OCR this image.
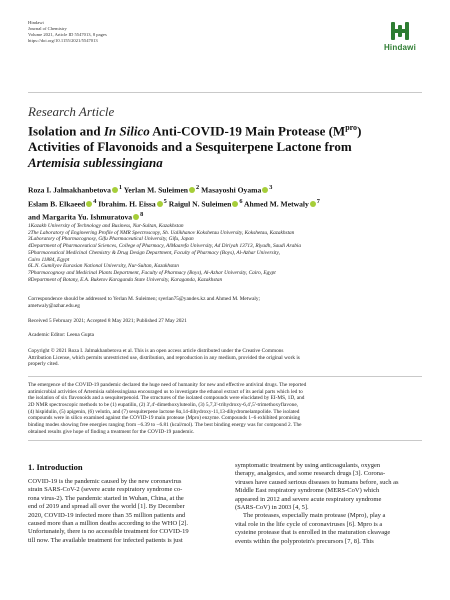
Hindawi
Journal of Chemistry
Volume 2021, Article ID 5547013, 8 pages
https://doi.org/10.1155/2021/5547013
Hindawi
Research Article
Isolation and In Silico Anti-COVID-19 Main Protease $(M^{pro})$
Activities of Flavonoids and a Sesquiterpene Lactone from
Artemisia sublessingiana
Roza I. Jalmakhanbetova $^1$ Yerlan M. Suleimen $^2$ Masayoshi Oyama $^3$
Eslam B. Elkaeed $^4$ Ibrahim. H. Eissa $^5$ Raigul N. Suleimen $^6$ Ahmed M. Metwaly $^7$
and Margarita Yu. Ishmuratova $^8$
1Kazakh University of Technology and Business, Nur-Sultan, Kazakhstan
2The Laboratory of Engineering Profile of NMR Spectroscopy, Sh. Ualikhanov Kokshetau University, Kokshetau, Kazakhstan
3Laboratory of Pharmacognosy, Gifu Pharmaceutical University, Gifu, Japan
4Department of Pharmaceutical Sciences, College of Pharmacy, AlMaarefa University, Ad Diriyah 13713, Riyadh, Saudi Arabia
5Pharmaceutical Medicinal Chemistry & Drug Design Department, Faculty of Pharmacy (Boys), Al-Azhar University,
Cairo 11884, Egypt
6L.N. Gumilyov Eurasian National University, Nur-Sultan, Kazakhstan
7Pharmacognosy and Medicinal Plants Department, Faculty of Pharmacy (Boys), Al-Azhar University, Cairo, Egypt
8Department of Botany, E.A. Buketov Karaganda State University, Karaganda, Kazakhstan
Correspondence should be addressed to Yerlan M. Suleimen; syerlan75@yandex.kz and Ahmed M. Metwaly;
ametwaly@azhar.edu.eg
Received 5 February 2021; Accepted 8 May 2021; Published 27 May 2021
Academic Editor: Leena Gupta
Copyright © 2021 Roza I. Jalmakhanbetova et al. This is an open access article distributed under the Creative Commons
Attribution License, which permits unrestricted use, distribution, and reproduction in any medium, provided the original work is
properly cited.
The emergence of the COVID-19 pandemic declared the huge need of humanity for new and effective antiviral drugs. The reported
antimicrobial activities of Artemisia sublessingiana encouraged us to investigate the ethanol extract of its aerial parts which led to
the isolation of six flavonoids and a sesquiterpenoid. The structures of the isolated compounds were elucidated by EI-MS, 1D, and
2D NMR spectroscopic methods to be (1) eupatilin, (2) 3',4'-dimethoxyluteolin, (3) 5,7,3'-trihydroxy-6,4',5'-trimethoxyflavone,
(4) hispidulin, (5) apigenin, (6) velutin, and (7) sesquiterpene lactone 8α,14-dihydroxy-11,13-dihydromelampolide. The isolated
compounds were in silico examined against the COVID-19 main protease (Mpro) enzyme. Compounds 1–6 exhibited promising
binding modes showing free energies ranging from −6.39 to −6.81 (kcal/mol). The best binding energy was for compound 2. The
obtained results give hope of finding a treatment for the COVID-19 pandemic.
1. Introduction
COVID-19 is the pandemic caused by the new coronavirus
strain SARS-CoV-2 (severe acute respiratory syndrome co-
rona virus-2). The pandemic started in Wuhan, China, at the
end of 2019 and spread all over the world [1]. By December
2020, COVID-19 infected more than 35 million patients and
caused more than a million deaths according to the WHO [2].
Unfortunately, there is no accessible treatment for COVID-19
till now. The available treatment for infected patients is just
symptomatic treatment by using anticoagulants, oxygen
therapy, analgesics, and some research drugs [3]. Corona-
viruses have caused serious diseases to humans before, such as
Middle East respiratory syndrome (MERS-CoV) which
appeared in 2012 and severe acute respiratory syndrome
(SARS-CoV) in 2003 [4, 5].
The proteases, especially main protease (Mpro), play a
vital role in the life cycle of coronaviruses [6]. Mpro is a
cysteine protease that is enrolled in the maturation cleavage
events within the polyprotein's precursors [7, 8]. This
